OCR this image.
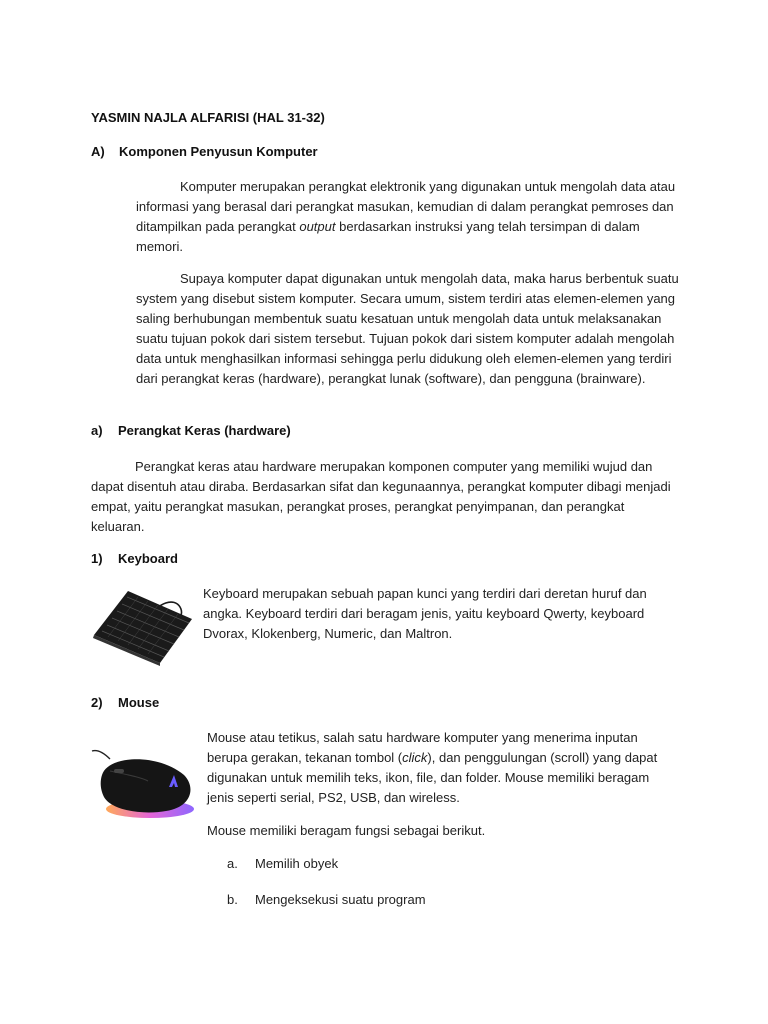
YASMIN NAJLA ALFARISI (HAL 31-32)
A) Komponen Penyusun Komputer

Komputer merupakan perangkat elektronik yang digunakan untuk mengolah data atau informasi yang berasal dari perangkat masukan, kemudian di dalam perangkat pemroses dan ditampilkan pada perangkat output berdasarkan instruksi yang telah tersimpan di dalam memori.

Supaya komputer dapat digunakan untuk mengolah data, maka harus berbentuk suatu system yang disebut sistem komputer. Secara umum, sistem terdiri atas elemen-elemen yang saling berhubungan membentuk suatu kesatuan untuk mengolah data untuk melaksanakan suatu tujuan pokok dari sistem tersebut. Tujuan pokok dari sistem komputer adalah mengolah data untuk menghasilkan informasi sehingga perlu didukung oleh elemen-elemen yang terdiri dari perangkat keras (hardware), perangkat lunak (software), dan pengguna (brainware).

a) Perangkat Keras (hardware)

Perangkat keras atau hardware merupakan komponen computer yang memiliki wujud dan dapat disentuh atau diraba. Berdasarkan sifat dan kegunaannya, perangkat komputer dibagi menjadi empat, yaitu perangkat masukan, perangkat proses, perangkat penyimpanan, dan perangkat keluaran.

1) Keyboard

Keyboard merupakan sebuah papan kunci yang terdiri dari deretan huruf dan angka. Keyboard terdiri dari beragam jenis, yaitu keyboard Qwerty, keyboard Dvorax, Klokenberg, Numeric, dan Maltron.

2) Mouse

Mouse atau tetikus, salah satu hardware komputer yang menerima inputan berupa gerakan, tekanan tombol (click), dan penggulungan (scroll) yang dapat digunakan untuk memilih teks, ikon, file, dan folder. Mouse memiliki beragam jenis seperti serial, PS2, USB, dan wireless.

Mouse memiliki beragam fungsi sebagai berikut.

a. Memilih obyek
b. Mengeksekusi suatu program
